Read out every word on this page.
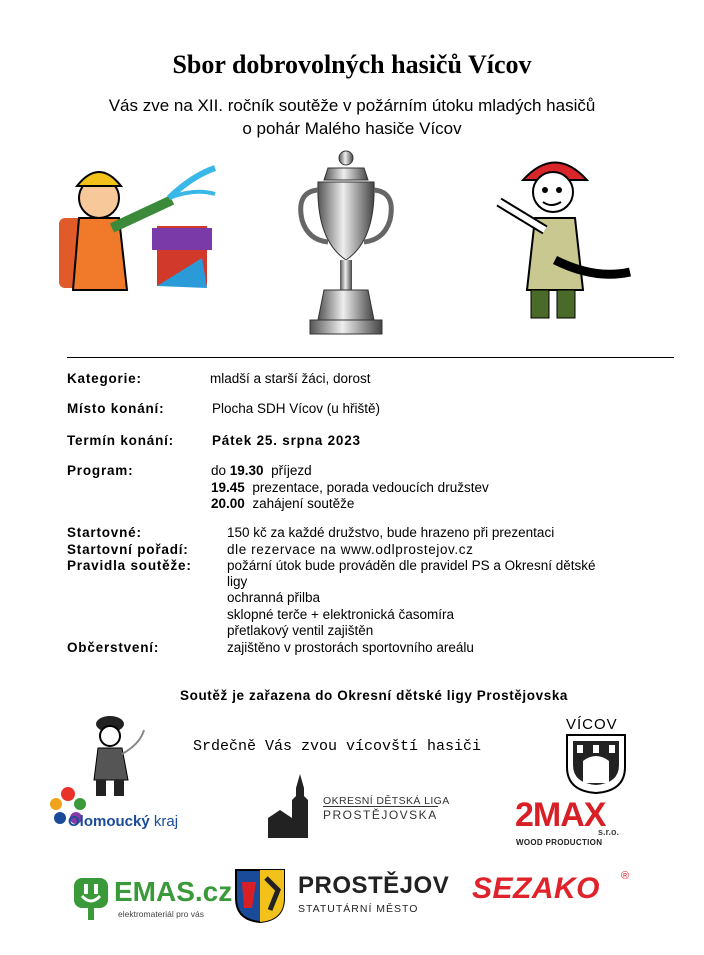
Sbor dobrovolných hasičů Vícov
Vás zve na XII. ročník soutěže v požárním útoku mladých hasičů
o pohár Malého hasiče Vícov
Kategorie:	mladší a starší žáci, dorost
Místo konání:	Plocha SDH Vícov (u hřiště)
Termín konání:	Pátek 25. srpna 2023
Program:	do 19.30 příjezd
19.45 prezentace, porada vedoucích družstev
20.00 zahájení soutěže
Startovné:	150 kč za každé družstvo, bude hrazeno při prezentaci
Startovní pořadí:	dle rezervace na www.odlprostejov.cz
Pravidla soutěže:	požární útok bude prováděn dle pravidel PS a Okresní dětské
ligy
ochranná přilba
sklopné terče + elektronická časomíra
přetlakový ventil zajištěn
Občerstvení:	zajištěno v prostorách sportovního areálu
Soutěž je zařazena do Okresní dětské ligy Prostějovska
Srdečně Vás zvou vícovští hasiči
Olomoucký kraj
OKRESNÍ DĚTSKÁ LIGA
PROSTĚJOVSKA
VÍCOV
2MAX
s.r.o.
WOOD PRODUCTION
EMAS.cz
elektromateriál pro vás
PROSTĚJOV
STATUTÁRNÍ MĚSTO
SEZAKO ®
